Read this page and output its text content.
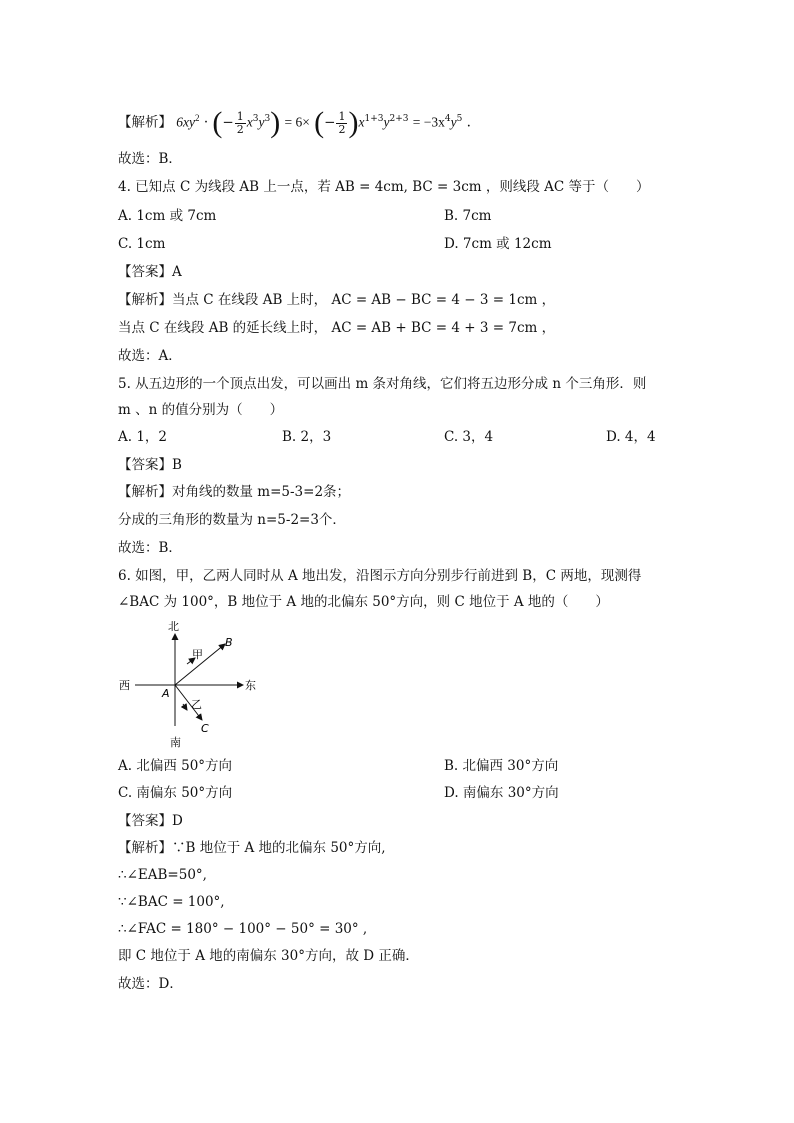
【解析】 $6xy^2$ · (− $\frac{1}{2} x^3y^3) = 6\times$ (− $\frac{1}{2} )x^{1+3}y^{2+3} = -3x^4y^5$ .
故选：B．
4. 已知点 C 为线段 AB 上一点，若 AB = 4cm, BC = 3cm ，则线段 AC 等于（　　）
A. 1cm 或 7cm	B. 7cm
C. 1cm	D. 7cm 或 12cm
【答案】A
【解析】当点 C 在线段 AB 上时， AC = AB − BC = 4 − 3 = 1cm ，
当点 C 在线段 AB 的延长线上时， AC = AB + BC = 4 + 3 = 7cm ，
故选：A．
5. 从五边形的一个顶点出发，可以画出 m 条对角线，它们将五边形分成 n 个三角形．则
m 、n 的值分别为（　　）
A. 1，2	B. 2，3	C. 3，4	D. 4，4
【答案】B
【解析】对角线的数量 m=5-3=2条；
分成的三角形的数量为 n=5-2=3个．
故选：B．
6. 如图，甲，乙两人同时从 A 地出发，沿图示方向分别步行前进到 B，C 两地，现测得
∠BAC 为 100°，B 地位于 A 地的北偏东 50°方向，则 C 地位于 A 地的（　　）
北
南
东
西
A
B
C
甲
乙
A. 北偏西 50°方向	B. 北偏西 30°方向
C. 南偏东 50°方向	D. 南偏东 30°方向
【答案】D
【解析】∵B 地位于 A 地的北偏东 50°方向,
∴∠EAB=50°,
∵∠BAC = 100°,
∴∠FAC = 180° − 100° − 50° = 30° ,
即 C 地位于 A 地的南偏东 30°方向，故 D 正确．
故选：D．
